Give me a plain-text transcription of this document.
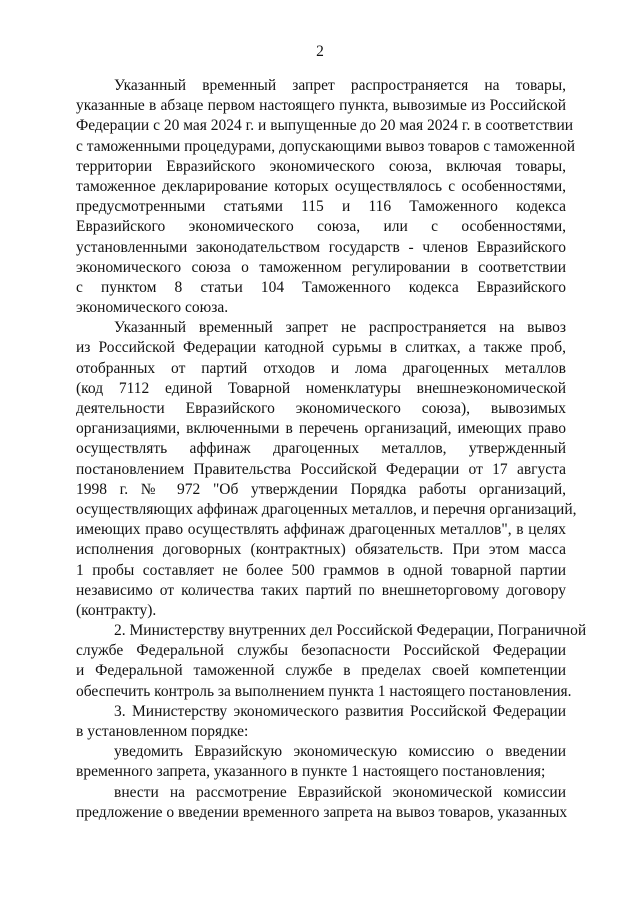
2
Указанный временный запрет распространяется на товары,
указанные в абзаце первом настоящего пункта, вывозимые из Российской
Федерации с 20 мая 2024 г. и выпущенные до 20 мая 2024 г. в соответствии
с таможенными процедурами, допускающими вывоз товаров с таможенной
территории Евразийского экономического союза, включая товары,
таможенное декларирование которых осуществлялось с особенностями,
предусмотренными статьями 115 и 116 Таможенного кодекса
Евразийского экономического союза, или с особенностями,
установленными законодательством государств - членов Евразийского
экономического союза о таможенном регулировании в соответствии
с пунктом 8 статьи 104 Таможенного кодекса Евразийского
экономического союза.
Указанный временный запрет не распространяется на вывоз
из Российской Федерации катодной сурьмы в слитках, а также проб,
отобранных от партий отходов и лома драгоценных металлов
(код 7112 единой Товарной номенклатуры внешнеэкономической
деятельности Евразийского экономического союза), вывозимых
организациями, включенными в перечень организаций, имеющих право
осуществлять аффинаж драгоценных металлов, утвержденный
постановлением Правительства Российской Федерации от 17 августа
1998 г. № 972 "Об утверждении Порядка работы организаций,
осуществляющих аффинаж драгоценных металлов, и перечня организаций,
имеющих право осуществлять аффинаж драгоценных металлов", в целях
исполнения договорных (контрактных) обязательств. При этом масса
1 пробы составляет не более 500 граммов в одной товарной партии
независимо от количества таких партий по внешнеторговому договору
(контракту).
2. Министерству внутренних дел Российской Федерации, Пограничной
службе Федеральной службы безопасности Российской Федерации
и Федеральной таможенной службе в пределах своей компетенции
обеспечить контроль за выполнением пункта 1 настоящего постановления.
3. Министерству экономического развития Российской Федерации
в установленном порядке:
уведомить Евразийскую экономическую комиссию о введении
временного запрета, указанного в пункте 1 настоящего постановления;
внести на рассмотрение Евразийской экономической комиссии
предложение о введении временного запрета на вывоз товаров, указанных
